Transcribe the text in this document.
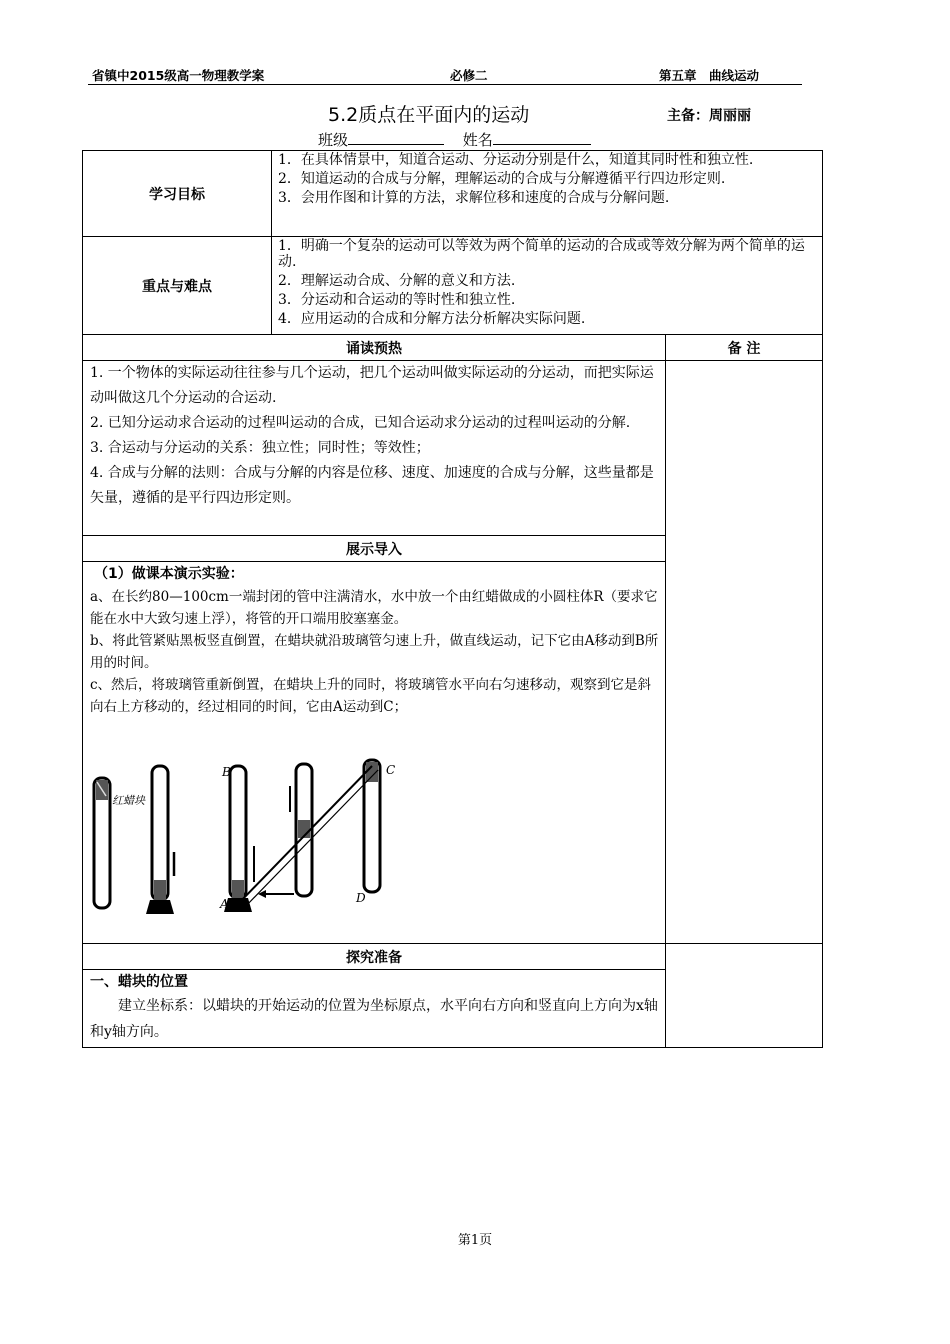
省镇中2015级高一物理教学案	必修二	第五章　曲线运动
5.2质点在平面内的运动	主备：周丽丽
班级	姓名
学习目标

1．在具体情景中，知道合运动、分运动分别是什么，知道其同时性和独立性.

2．知道运动的合成与分解，理解运动的合成与分解遵循平行四边形定则.

3．会用作图和计算的方法，求解位移和速度的合成与分解问题.

重点与难点

1．明确一个复杂的运动可以等效为两个简单的运动的合成或等效分解为两个简单的运动.

2．理解运动合成、分解的意义和方法.

3．分运动和合运动的等时性和独立性.

4．应用运动的合成和分解方法分析解决实际问题.

诵读预热	备 注

1. 一个物体的实际运动往往参与几个运动，把几个运动叫做实际运动的分运动，而把实际运动叫做这几个分运动的合运动.

2. 已知分运动求合运动的过程叫运动的合成，已知合运动求分运动的过程叫运动的分解.

3. 合运动与分运动的关系：独立性；同时性；等效性；

4. 合成与分解的法则：合成与分解的内容是位移、速度、加速度的合成与分解，这些量都是矢量，遵循的是平行四边形定则。

展示导入
（1）做课本演示实验：

a、在长约80—100cm一端封闭的管中注满清水，水中放一个由红蜡做成的小圆柱体R（要求它能在水中大致匀速上浮），将管的开口端用胶塞塞金。

b、将此管紧贴黑板竖直倒置，在蜡块就沿玻璃管匀速上升，做直线运动，记下它由A移动到B所用的时间。

c、然后，将玻璃管重新倒置，在蜡块上升的同时，将玻璃管水平向右匀速移动，观察到它是斜向右上方移动的，经过相同的时间，它由A运动到C；

红蜡块
B
A
C
D
探究准备
一、蜡块的位置
建立坐标系：以蜡块的开始运动的位置为坐标原点，水平向右方向和竖直向上方向为x轴和y轴方向。
第1页
